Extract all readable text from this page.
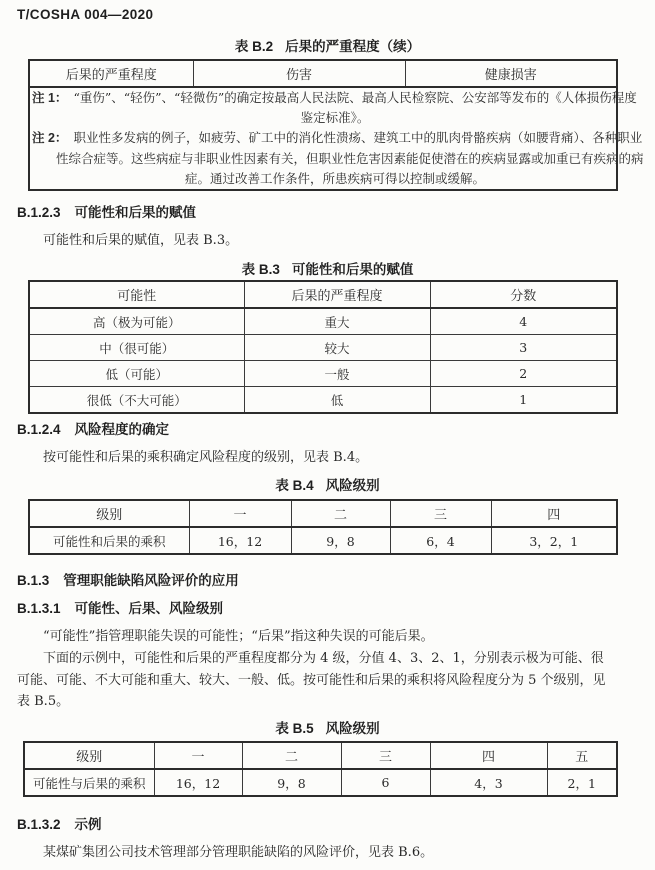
T/COSHA 004—2020
表 B.2 后果的严重程度（续）
后果的严重程度	伤害	健康损害

注 1： “重伤”、“轻伤”、“轻微伤”的确定按最高人民法院、最高人民检察院、公安部等发布的《人体损伤程度
鉴定标准》。
注 2： 职业性多发病的例子，如疲劳、矿工中的消化性溃疡、建筑工中的肌肉骨骼疾病（如腰背痛）、各种职业
性综合症等。这些病症与非职业性因素有关，但职业性危害因素能促使潜在的疾病显露或加重已有疾病的病
症。通过改善工作条件，所患疾病可得以控制或缓解。
B.1.2.3 可能性和后果的赋值
可能性和后果的赋值，见表 B.3。
表 B.3 可能性和后果的赋值
可能性	后果的严重程度	分数
高（极为可能）	重大	4
中（很可能）	较大	3
低（可能）	一般	2
很低（不大可能）	低	1
B.1.2.4 风险程度的确定
按可能性和后果的乘积确定风险程度的级别，见表 B.4。
表 B.4 风险级别
级别	一	二	三	四
可能性和后果的乘积	16，12	9，8	6，4	3，2，1
B.1.3 管理职能缺陷风险评价的应用
B.1.3.1 可能性、后果、风险级别
“可能性”指管理职能失误的可能性；“后果”指这种失误的可能后果。
下面的示例中，可能性和后果的严重程度都分为 4 级，分值 4、3、2、1，分别表示极为可能、很
可能、可能、不大可能和重大、较大、一般、低。按可能性和后果的乘积将风险程度分为 5 个级别，见
表 B.5。
表 B.5 风险级别
级别	一	二	三	四	五
可能性与后果的乘积	16，12	9，8	6	4，3	2，1
B.1.3.2 示例
某煤矿集团公司技术管理部分管理职能缺陷的风险评价，见表 B.6。
